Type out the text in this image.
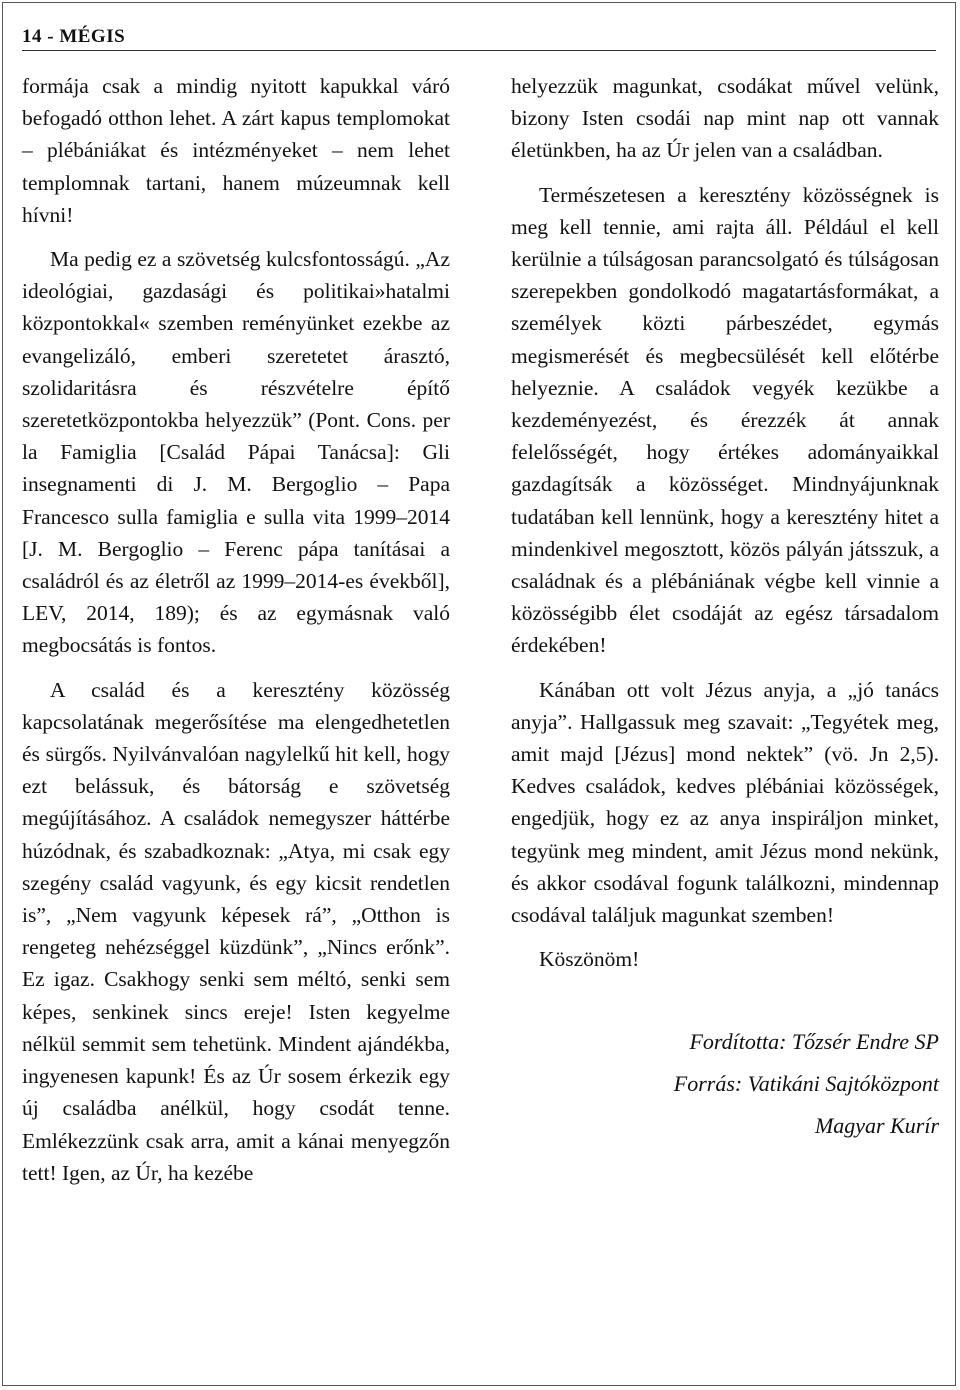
14 - MÉGIS

formája csak a mindig nyitott kapukkal váró befogadó otthon lehet. A zárt kapus templomokat – plébániákat és intézményeket – nem lehet templomnak tartani, hanem múzeumnak kell hívni!

Ma pedig ez a szövetség kulcsfontosságú. „Az ideológiai, gazdasági és politikai»hatalmi központokkal« szemben reményünket ezekbe az evangelizáló, emberi szeretetet árasztó, szolidaritásra és részvételre építő szeretetközpontokba helyezzük” (Pont. Cons. per la Famiglia [Család Pápai Tanácsa]: Gli insegnamenti di J. M. Bergoglio – Papa Francesco sulla famiglia e sulla vita 1999–2014 [J. M. Bergoglio – Ferenc pápa tanításai a családról és az életről az 1999–2014-es évekből], LEV, 2014, 189); és az egymásnak való megbocsátás is fontos.

A család és a keresztény közösség kapcsolatának megerősítése ma elengedhetetlen és sürgős. Nyilvánvalóan nagylelkű hit kell, hogy ezt belássuk, és bátorság e szövetség megújításához. A családok nemegyszer háttérbe húzódnak, és szabadkoznak: „Atya, mi csak egy szegény család vagyunk, és egy kicsit rendetlen is”, „Nem vagyunk képesek rá”, „Otthon is rengeteg nehézséggel küzdünk”, „Nincs erőnk”. Ez igaz. Csakhogy senki sem méltó, senki sem képes, senkinek sincs ereje! Isten kegyelme nélkül semmit sem tehetünk. Mindent ajándékba, ingyenesen kapunk! És az Úr sosem érkezik egy új családba anélkül, hogy csodát tenne. Emlékezzünk csak arra, amit a kánai menyegzőn tett! Igen, az Úr, ha kezébe

helyezzük magunkat, csodákat művel velünk, bizony Isten csodái nap mint nap ott vannak életünkben, ha az Úr jelen van a családban.

Természetesen a keresztény közösségnek is meg kell tennie, ami rajta áll. Például el kell kerülnie a túlságosan parancsolgató és túlságosan szerepekben gondolkodó magatartásformákat, a személyek közti párbeszédet, egymás megismerését és megbecsülését kell előtérbe helyeznie. A családok vegyék kezükbe a kezdeményezést, és érezzék át annak felelősségét, hogy értékes adományaikkal gazdagítsák a közösséget. Mindnyájunknak tudatában kell lennünk, hogy a keresztény hitet a mindenkivel megosztott, közös pályán játsszuk, a családnak és a plébániának végbe kell vinnie a közösségibb élet csodáját az egész társadalom érdekében!

Kánában ott volt Jézus anyja, a „jó tanács anyja”. Hallgassuk meg szavait: „Tegyétek meg, amit majd [Jézus] mond nektek” (vö. Jn 2,5). Kedves családok, kedves plébániai közösségek, engedjük, hogy ez az anya inspiráljon minket, tegyünk meg mindent, amit Jézus mond nekünk, és akkor csodával fogunk találkozni, mindennap csodával találjuk magunkat szemben!

Köszönöm!

Fordította: Tőzsér Endre SP
Forrás: Vatikáni Sajtóközpont
Magyar Kurír
